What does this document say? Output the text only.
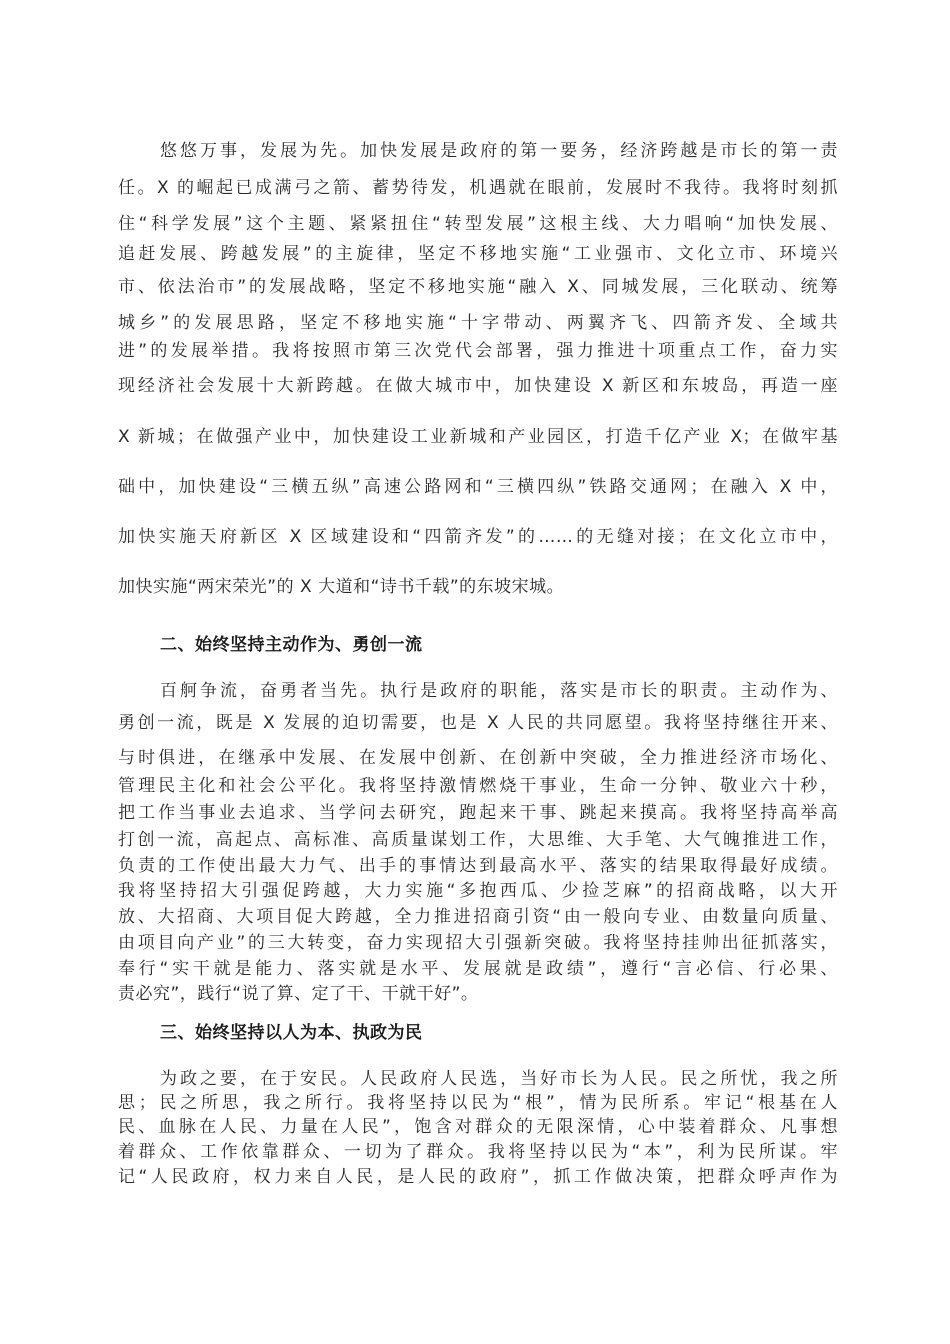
悠悠万事，发展为先。加快发展是政府的第一要务，经济跨越是市长的第一责
任。X 的崛起已成满弓之箭、蓄势待发，机遇就在眼前，发展时不我待。我将时刻抓
住“科学发展”这个主题、紧紧扭住“转型发展”这根主线、大力唱响“加快发展、
追赶发展、跨越发展”的主旋律，坚定不移地实施“工业强市、文化立市、环境兴
市、依法治市”的发展战略，坚定不移地实施“融入 X、同城发展，三化联动、统筹
城乡”的发展思路，坚定不移地实施“十字带动、两翼齐飞、四箭齐发、全域共
进”的发展举措。我将按照市第三次党代会部署，强力推进十项重点工作，奋力实
现经济社会发展十大新跨越。在做大城市中，加快建设 X 新区和东坡岛，再造一座
X 新城；在做强产业中，加快建设工业新城和产业园区，打造千亿产业 X；在做牢基
础中，加快建设“三横五纵”高速公路网和“三横四纵”铁路交通网；在融入 X 中，
加快实施天府新区 X 区域建设和“四箭齐发”的……的无缝对接；在文化立市中，
加快实施“两宋荣光”的 X 大道和“诗书千载”的东坡宋城。
二、始终坚持主动作为、勇创一流
百舸争流，奋勇者当先。执行是政府的职能，落实是市长的职责。主动作为、
勇创一流，既是 X 发展的迫切需要，也是 X 人民的共同愿望。我将坚持继往开来、
与时俱进，在继承中发展、在发展中创新、在创新中突破，全力推进经济市场化、
管理民主化和社会公平化。我将坚持激情燃烧干事业，生命一分钟、敬业六十秒，
把工作当事业去追求、当学问去研究，跑起来干事、跳起来摸高。我将坚持高举高
打创一流，高起点、高标准、高质量谋划工作，大思维、大手笔、大气魄推进工作，
负责的工作使出最大力气、出手的事情达到最高水平、落实的结果取得最好成绩。
我将坚持招大引强促跨越，大力实施“多抱西瓜、少捡芝麻”的招商战略，以大开
放、大招商、大项目促大跨越，全力推进招商引资“由一般向专业、由数量向质量、
由项目向产业”的三大转变，奋力实现招大引强新突破。我将坚持挂帅出征抓落实，
奉行“实干就是能力、落实就是水平、发展就是政绩”，遵行“言必信、行必果、
责必究”，践行“说了算、定了干、干就干好”。
三、始终坚持以人为本、执政为民
为政之要，在于安民。人民政府人民选，当好市长为人民。民之所忧，我之所
思；民之所思，我之所行。我将坚持以民为“根”，情为民所系。牢记“根基在人
民、血脉在人民、力量在人民”，饱含对群众的无限深情，心中装着群众、凡事想
着群众、工作依靠群众、一切为了群众。我将坚持以民为“本”，利为民所谋。牢
记“人民政府，权力来自人民，是人民的政府”，抓工作做决策，把群众呼声作为
